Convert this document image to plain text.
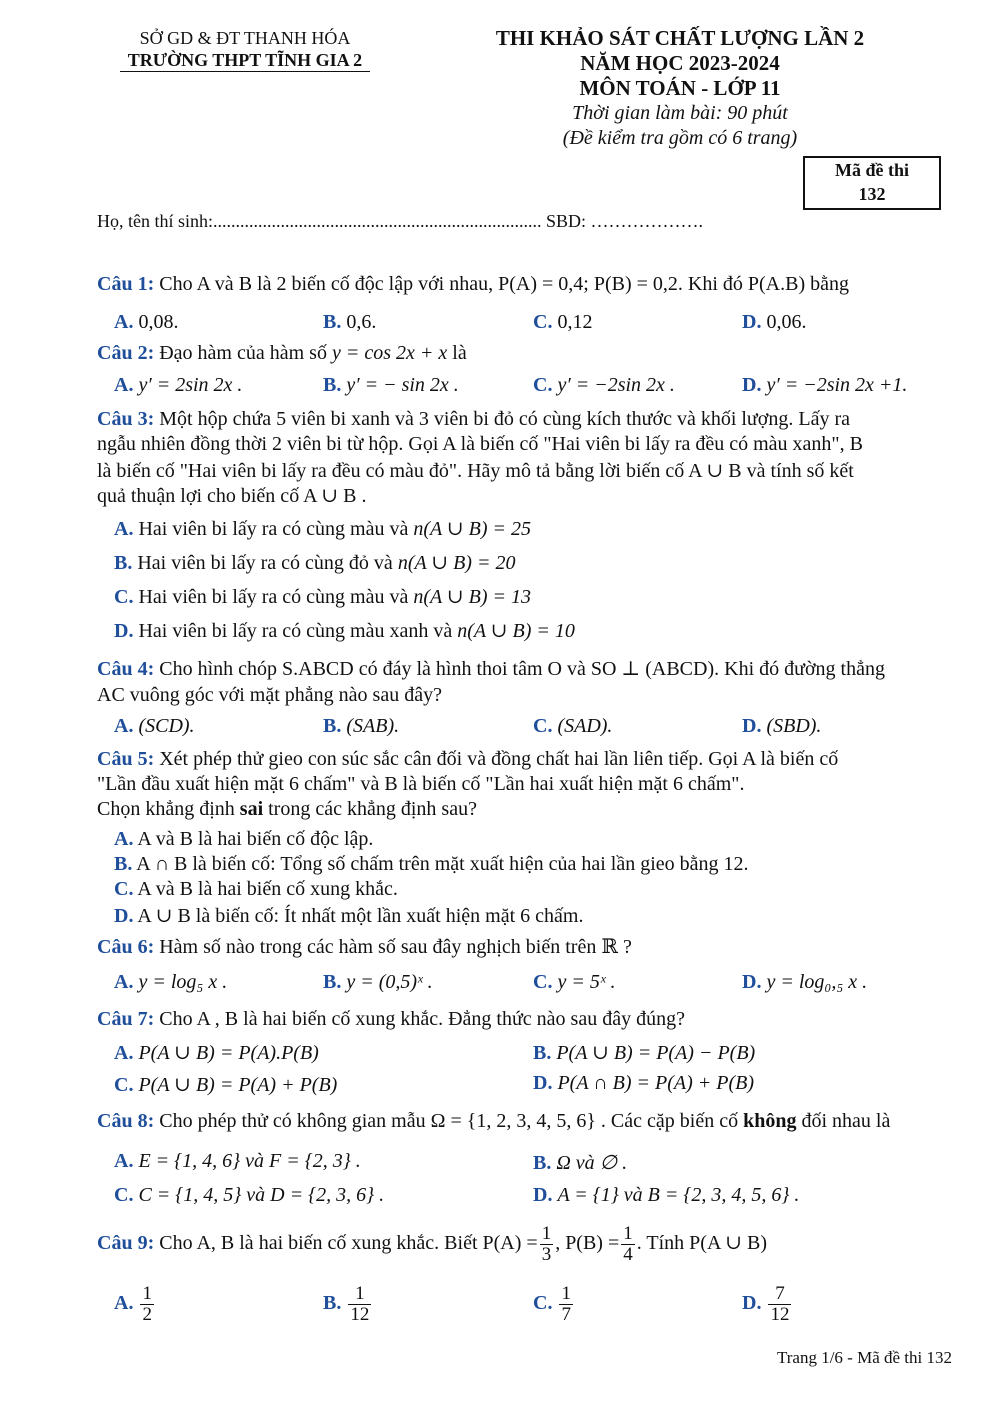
SỞ GD & ĐT THANH HÓA
TRƯỜNG THPT TĨNH GIA 2
THI KHẢO SÁT CHẤT LƯỢNG LẦN 2
NĂM HỌC 2023-2024
MÔN TOÁN - LỚP 11
Thời gian làm bài: 90 phút
(Đề kiểm tra gồm có 6 trang)
Mã đề thi
132
Họ, tên thí sinh:......................................................................... SBD: ……………….
Câu 1: Cho A và B là 2 biến cố độc lập với nhau, P(A) = 0,4; P(B) = 0,2. Khi đó P(A.B) bằng
A. 0,08.	B. 0,6.	C. 0,12	D. 0,06.
Câu 2: Đạo hàm của hàm số y = cos 2x + x là
A. y′ = 2sin 2x .	B. y′ = − sin 2x .	C. y′ = −2sin 2x .	D. y′ = −2sin 2x +1.
Câu 3: Một hộp chứa 5 viên bi xanh và 3 viên bi đỏ có cùng kích thước và khối lượng. Lấy ra
ngẫu nhiên đồng thời 2 viên bi từ hộp. Gọi A là biến cố "Hai viên bi lấy ra đều có màu xanh", B
là biến cố "Hai viên bi lấy ra đều có màu đỏ". Hãy mô tả bằng lời biến cố A ∪ B và tính số kết
quả thuận lợi cho biến cố A ∪ B .
A. Hai viên bi lấy ra có cùng màu và n(A ∪ B) = 25
B. Hai viên bi lấy ra có cùng đỏ và n(A ∪ B) = 20
C. Hai viên bi lấy ra có cùng màu và n(A ∪ B) = 13
D. Hai viên bi lấy ra có cùng màu xanh và n(A ∪ B) = 10
Câu 4: Cho hình chóp S.ABCD có đáy là hình thoi tâm O và SO ⊥ (ABCD). Khi đó đường thẳng
AC vuông góc với mặt phẳng nào sau đây?
A. (SCD).	B. (SAB).	C. (SAD).	D. (SBD).
Câu 5: Xét phép thử gieo con súc sắc cân đối và đồng chất hai lần liên tiếp. Gọi A là biến cố
"Lần đầu xuất hiện mặt 6 chấm" và B là biến cố "Lần hai xuất hiện mặt 6 chấm".
Chọn khẳng định sai trong các khẳng định sau?
A. A và B là hai biến cố độc lập.
B. A ∩ B là biến cố: Tổng số chấm trên mặt xuất hiện của hai lần gieo bằng 12.
C. A và B là hai biến cố xung khắc.
D. A ∪ B là biến cố: Ít nhất một lần xuất hiện mặt 6 chấm.
Câu 6: Hàm số nào trong các hàm số sau đây nghịch biến trên ℝ ?
A. y = log₅ x .	B. y = (0,5)ˣ .	C. y = 5ˣ .	D. y = log₀,₅ x .
Câu 7: Cho A , B là hai biến cố xung khắc. Đẳng thức nào sau đây đúng?
A. P(A ∪ B) = P(A).P(B)	B. P(A ∪ B) = P(A) − P(B)
C. P(A ∪ B) = P(A) + P(B)	D. P(A ∩ B) = P(A) + P(B)
Câu 8: Cho phép thử có không gian mẫu Ω = {1, 2, 3, 4, 5, 6} . Các cặp biến cố không đối nhau là
A. E = {1, 4, 6} và F = {2, 3} .	B. Ω và ∅ .
C. C = {1, 4, 5} và D = {2, 3, 6} .	D. A = {1} và B = {2, 3, 4, 5, 6} .
Câu 9: Cho A, B là hai biến cố xung khắc. Biết $P(A) = \frac{1}{3}$ , $P(B) = \frac{1}{4}$ . Tính P(A ∪ B)
A. $\frac{1}{2}$	B. $\frac{1}{12}$	C. $\frac{1}{7}$	D. $\frac{7}{12}$
Trang 1/6 - Mã đề thi 132
